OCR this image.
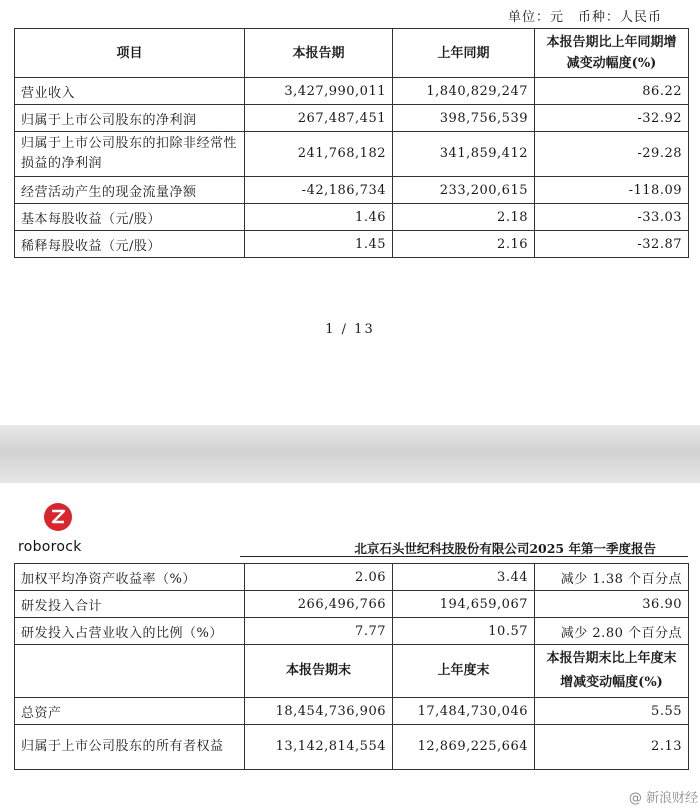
单位：元　币种：人民币
项目	本报告期	上年同期	本报告期比上年同期增减变动幅度(%)
营业收入	3,427,990,011	1,840,829,247	86.22
归属于上市公司股东的净利润	267,487,451	398,756,539	-32.92
归属于上市公司股东的扣除非经常性损益的净利润	241,768,182	341,859,412	-29.28
经营活动产生的现金流量净额	-42,186,734	233,200,615	-118.09
基本每股收益（元/股）	1.46	2.18	-33.03
稀释每股收益（元/股）	1.45	2.16	-32.87
1 / 13
roborock	北京石头世纪科技股份有限公司2025 年第一季度报告
加权平均净资产收益率（%）	2.06	3.44	减少 1.38 个百分点
研发投入合计	266,496,766	194,659,067	36.90
研发投入占营业收入的比例（%）	7.77	10.57	减少 2.80 个百分点
	本报告期末	上年度末	本报告期末比上年度末增减变动幅度(%)
总资产	18,454,736,906	17,484,730,046	5.55
归属于上市公司股东的所有者权益	13,142,814,554	12,869,225,664	2.13
@ 新浪财经
